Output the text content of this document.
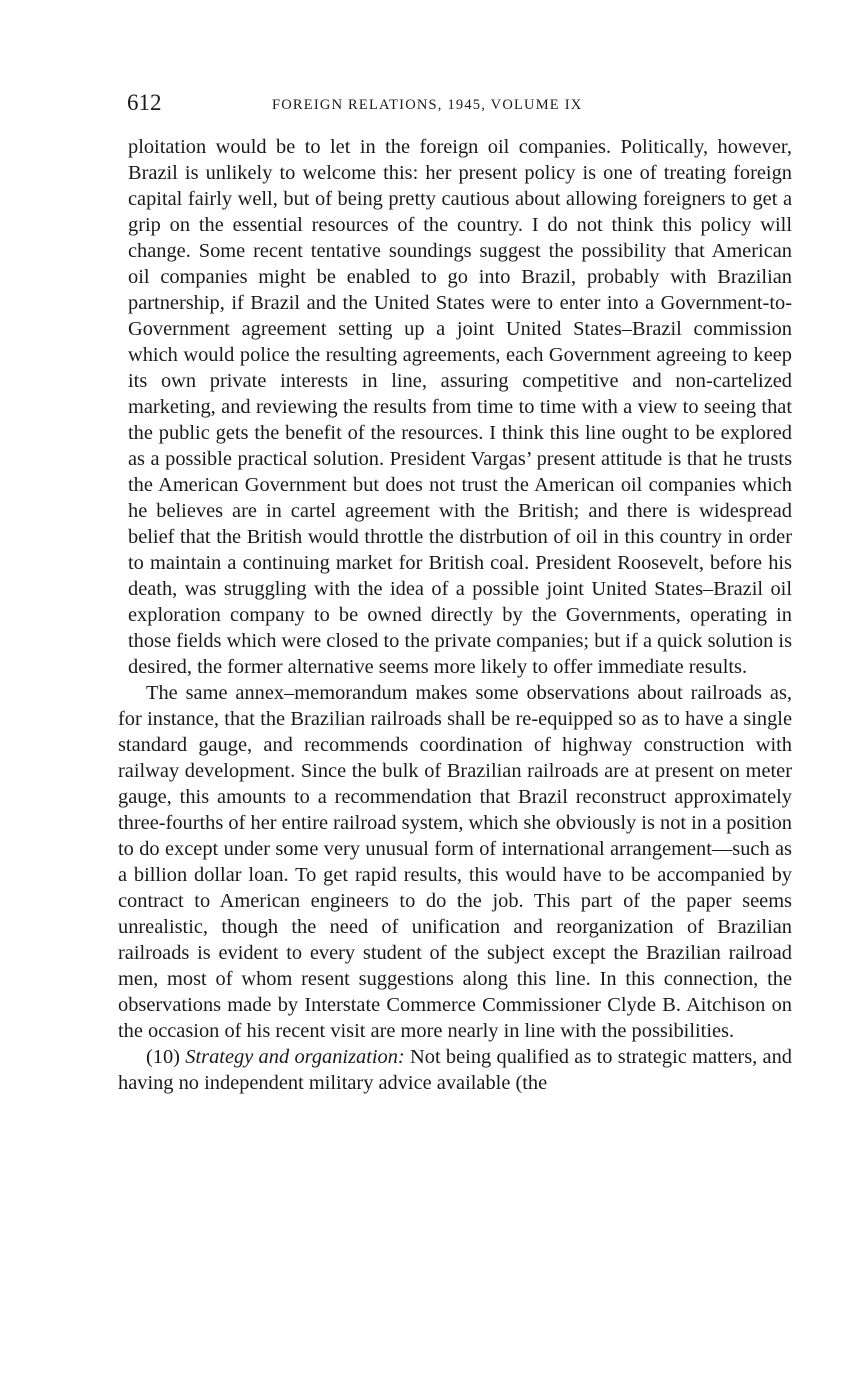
612	FOREIGN RELATIONS, 1945, VOLUME IX

ploitation would be to let in the foreign oil companies. Politically, however, Brazil is unlikely to welcome this: her present policy is one of treating foreign capital fairly well, but of being pretty cautious about allowing foreigners to get a grip on the essential resources of the country. I do not think this policy will change. Some recent tentative soundings suggest the possibility that American oil companies might be enabled to go into Brazil, probably with Brazilian partnership, if Brazil and the United States were to enter into a Government-to-Government agreement setting up a joint United States–Brazil commission which would police the resulting agreements, each Government agreeing to keep its own private interests in line, assuring competitive and non-cartelized marketing, and reviewing the results from time to time with a view to seeing that the public gets the benefit of the resources. I think this line ought to be explored as a possible practical solution. President Vargas’ present attitude is that he trusts the American Government but does not trust the American oil companies which he believes are in cartel agreement with the British; and there is widespread belief that the British would throttle the distrbution of oil in this country in order to maintain a continuing market for British coal. President Roosevelt, before his death, was struggling with the idea of a possible joint United States–Brazil oil exploration company to be owned directly by the Governments, operating in those fields which were closed to the private companies; but if a quick solution is desired, the former alternative seems more likely to offer immediate results.

The same annex–memorandum makes some observations about railroads as, for instance, that the Brazilian railroads shall be re-equipped so as to have a single standard gauge, and recommends coordination of highway construction with railway development. Since the bulk of Brazilian railroads are at present on meter gauge, this amounts to a recommendation that Brazil reconstruct approximately three-fourths of her entire railroad system, which she obviously is not in a position to do except under some very unusual form of international arrangement—such as a billion dollar loan. To get rapid results, this would have to be accompanied by contract to American engineers to do the job. This part of the paper seems unrealistic, though the need of unification and reorganization of Brazilian railroads is evident to every student of the subject except the Brazilian railroad men, most of whom resent suggestions along this line. In this connection, the observations made by Interstate Commerce Commissioner Clyde B. Aitchison on the occasion of his recent visit are more nearly in line with the possibilities.

(10) Strategy and organization: Not being qualified as to strategic matters, and having no independent military advice available (the
